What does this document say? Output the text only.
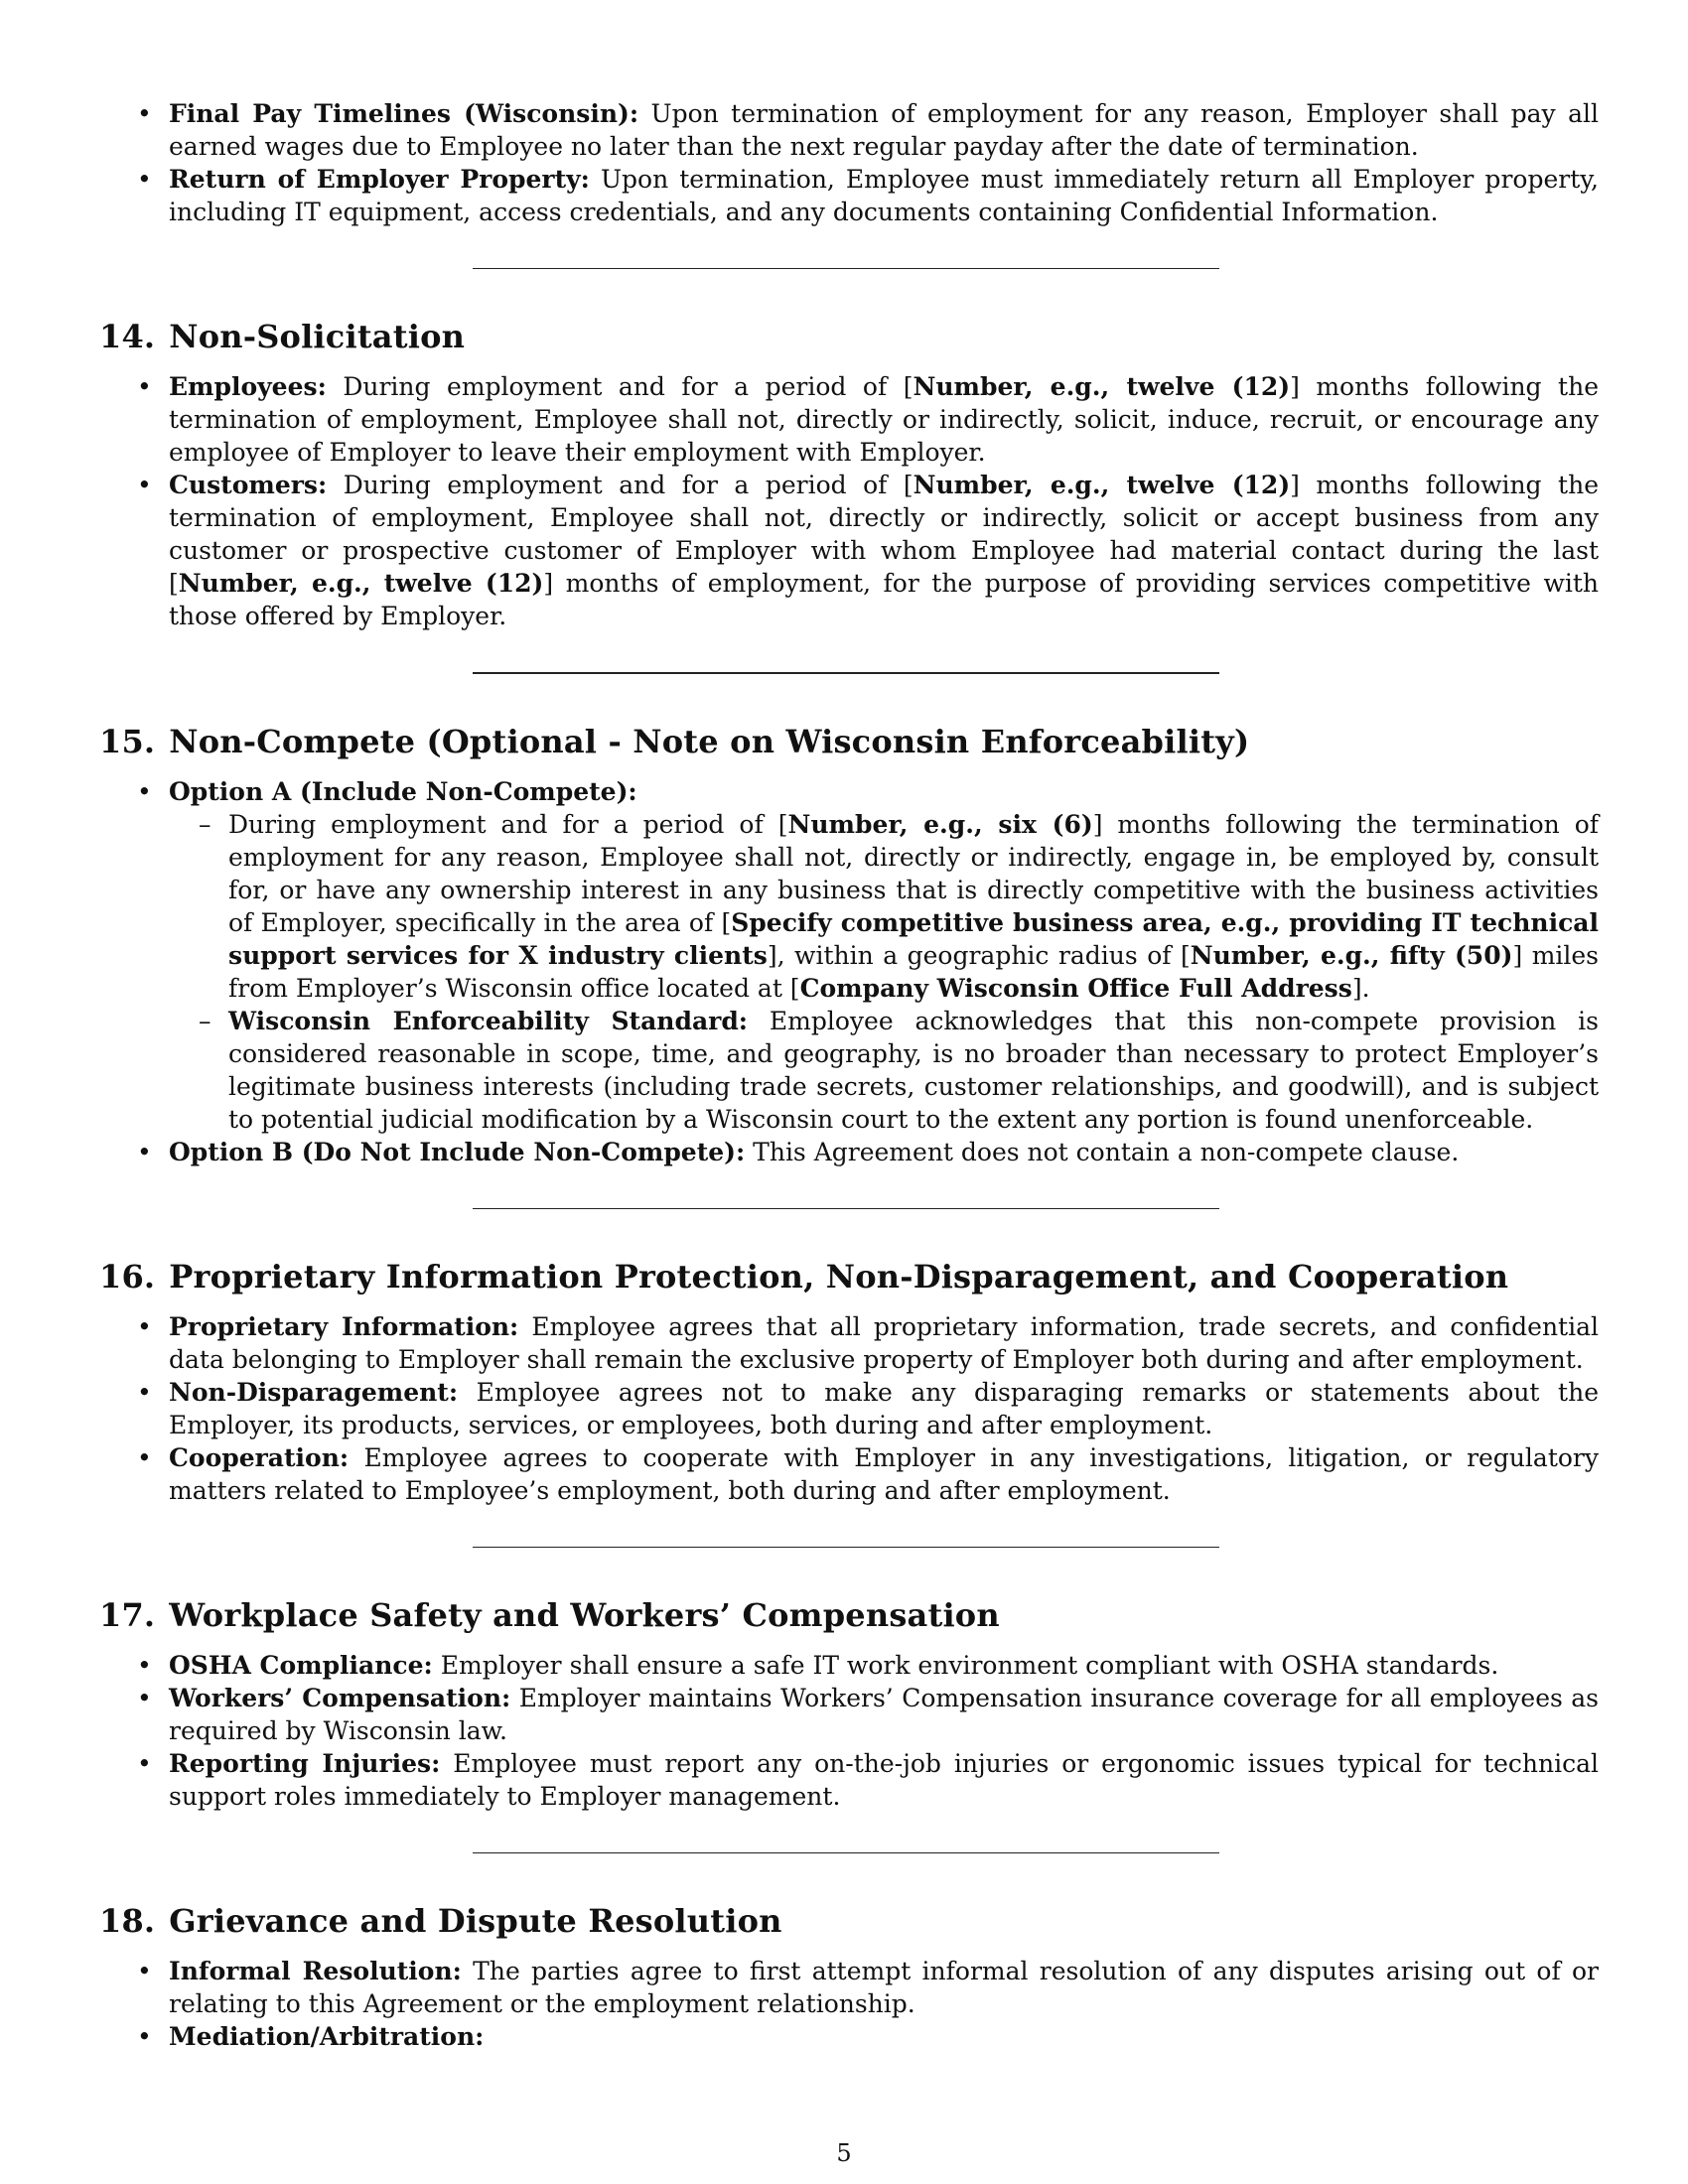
• Final Pay Timelines (Wisconsin): Upon termination of employment for any reason, Employer shall pay all earned wages due to Employee no later than the next regular payday after the date of termination.
• Return of Employer Property: Upon termination, Employee must immediately return all Employer property, including IT equipment, access credentials, and any documents containing Confidential Information.
14. Non-Solicitation
• Employees: During employment and for a period of [Number, e.g., twelve (12)] months following the termination of employment, Employee shall not, directly or indirectly, solicit, induce, recruit, or encourage any employee of Employer to leave their employment with Employer.
• Customers: During employment and for a period of [Number, e.g., twelve (12)] months following the termination of employment, Employee shall not, directly or indirectly, solicit or accept business from any customer or prospective customer of Employer with whom Employee had material contact during the last [Number, e.g., twelve (12)] months of employment, for the purpose of providing services competitive with those offered by Employer.
15. Non-Compete (Optional - Note on Wisconsin Enforceability)
• Option A (Include Non-Compete):
– During employment and for a period of [Number, e.g., six (6)] months following the termination of employment for any reason, Employee shall not, directly or indirectly, engage in, be employed by, consult for, or have any ownership interest in any business that is directly competitive with the business activities of Employer, specifically in the area of [Specify competitive business area, e.g., providing IT technical support services for X industry clients], within a geographic radius of [Number, e.g., fifty (50)] miles from Employer’s Wisconsin office located at [Company Wisconsin Office Full Address].
– Wisconsin Enforceability Standard: Employee acknowledges that this non-compete provision is considered reasonable in scope, time, and geography, is no broader than necessary to protect Employer’s legitimate business interests (including trade secrets, customer relationships, and goodwill), and is subject to potential judicial modification by a Wisconsin court to the extent any portion is found unenforceable.
• Option B (Do Not Include Non-Compete): This Agreement does not contain a non-compete clause.
16. Proprietary Information Protection, Non-Disparagement, and Cooperation
• Proprietary Information: Employee agrees that all proprietary information, trade secrets, and confidential data belonging to Employer shall remain the exclusive property of Employer both during and after employment.
• Non-Disparagement: Employee agrees not to make any disparaging remarks or statements about the Employer, its products, services, or employees, both during and after employment.
• Cooperation: Employee agrees to cooperate with Employer in any investigations, litigation, or regulatory matters related to Employee’s employment, both during and after employment.
17. Workplace Safety and Workers’ Compensation
• OSHA Compliance: Employer shall ensure a safe IT work environment compliant with OSHA standards.
• Workers’ Compensation: Employer maintains Workers’ Compensation insurance coverage for all employees as required by Wisconsin law.
• Reporting Injuries: Employee must report any on-the-job injuries or ergonomic issues typical for technical support roles immediately to Employer management.
18. Grievance and Dispute Resolution
• Informal Resolution: The parties agree to first attempt informal resolution of any disputes arising out of or relating to this Agreement or the employment relationship.
• Mediation/Arbitration:
5
